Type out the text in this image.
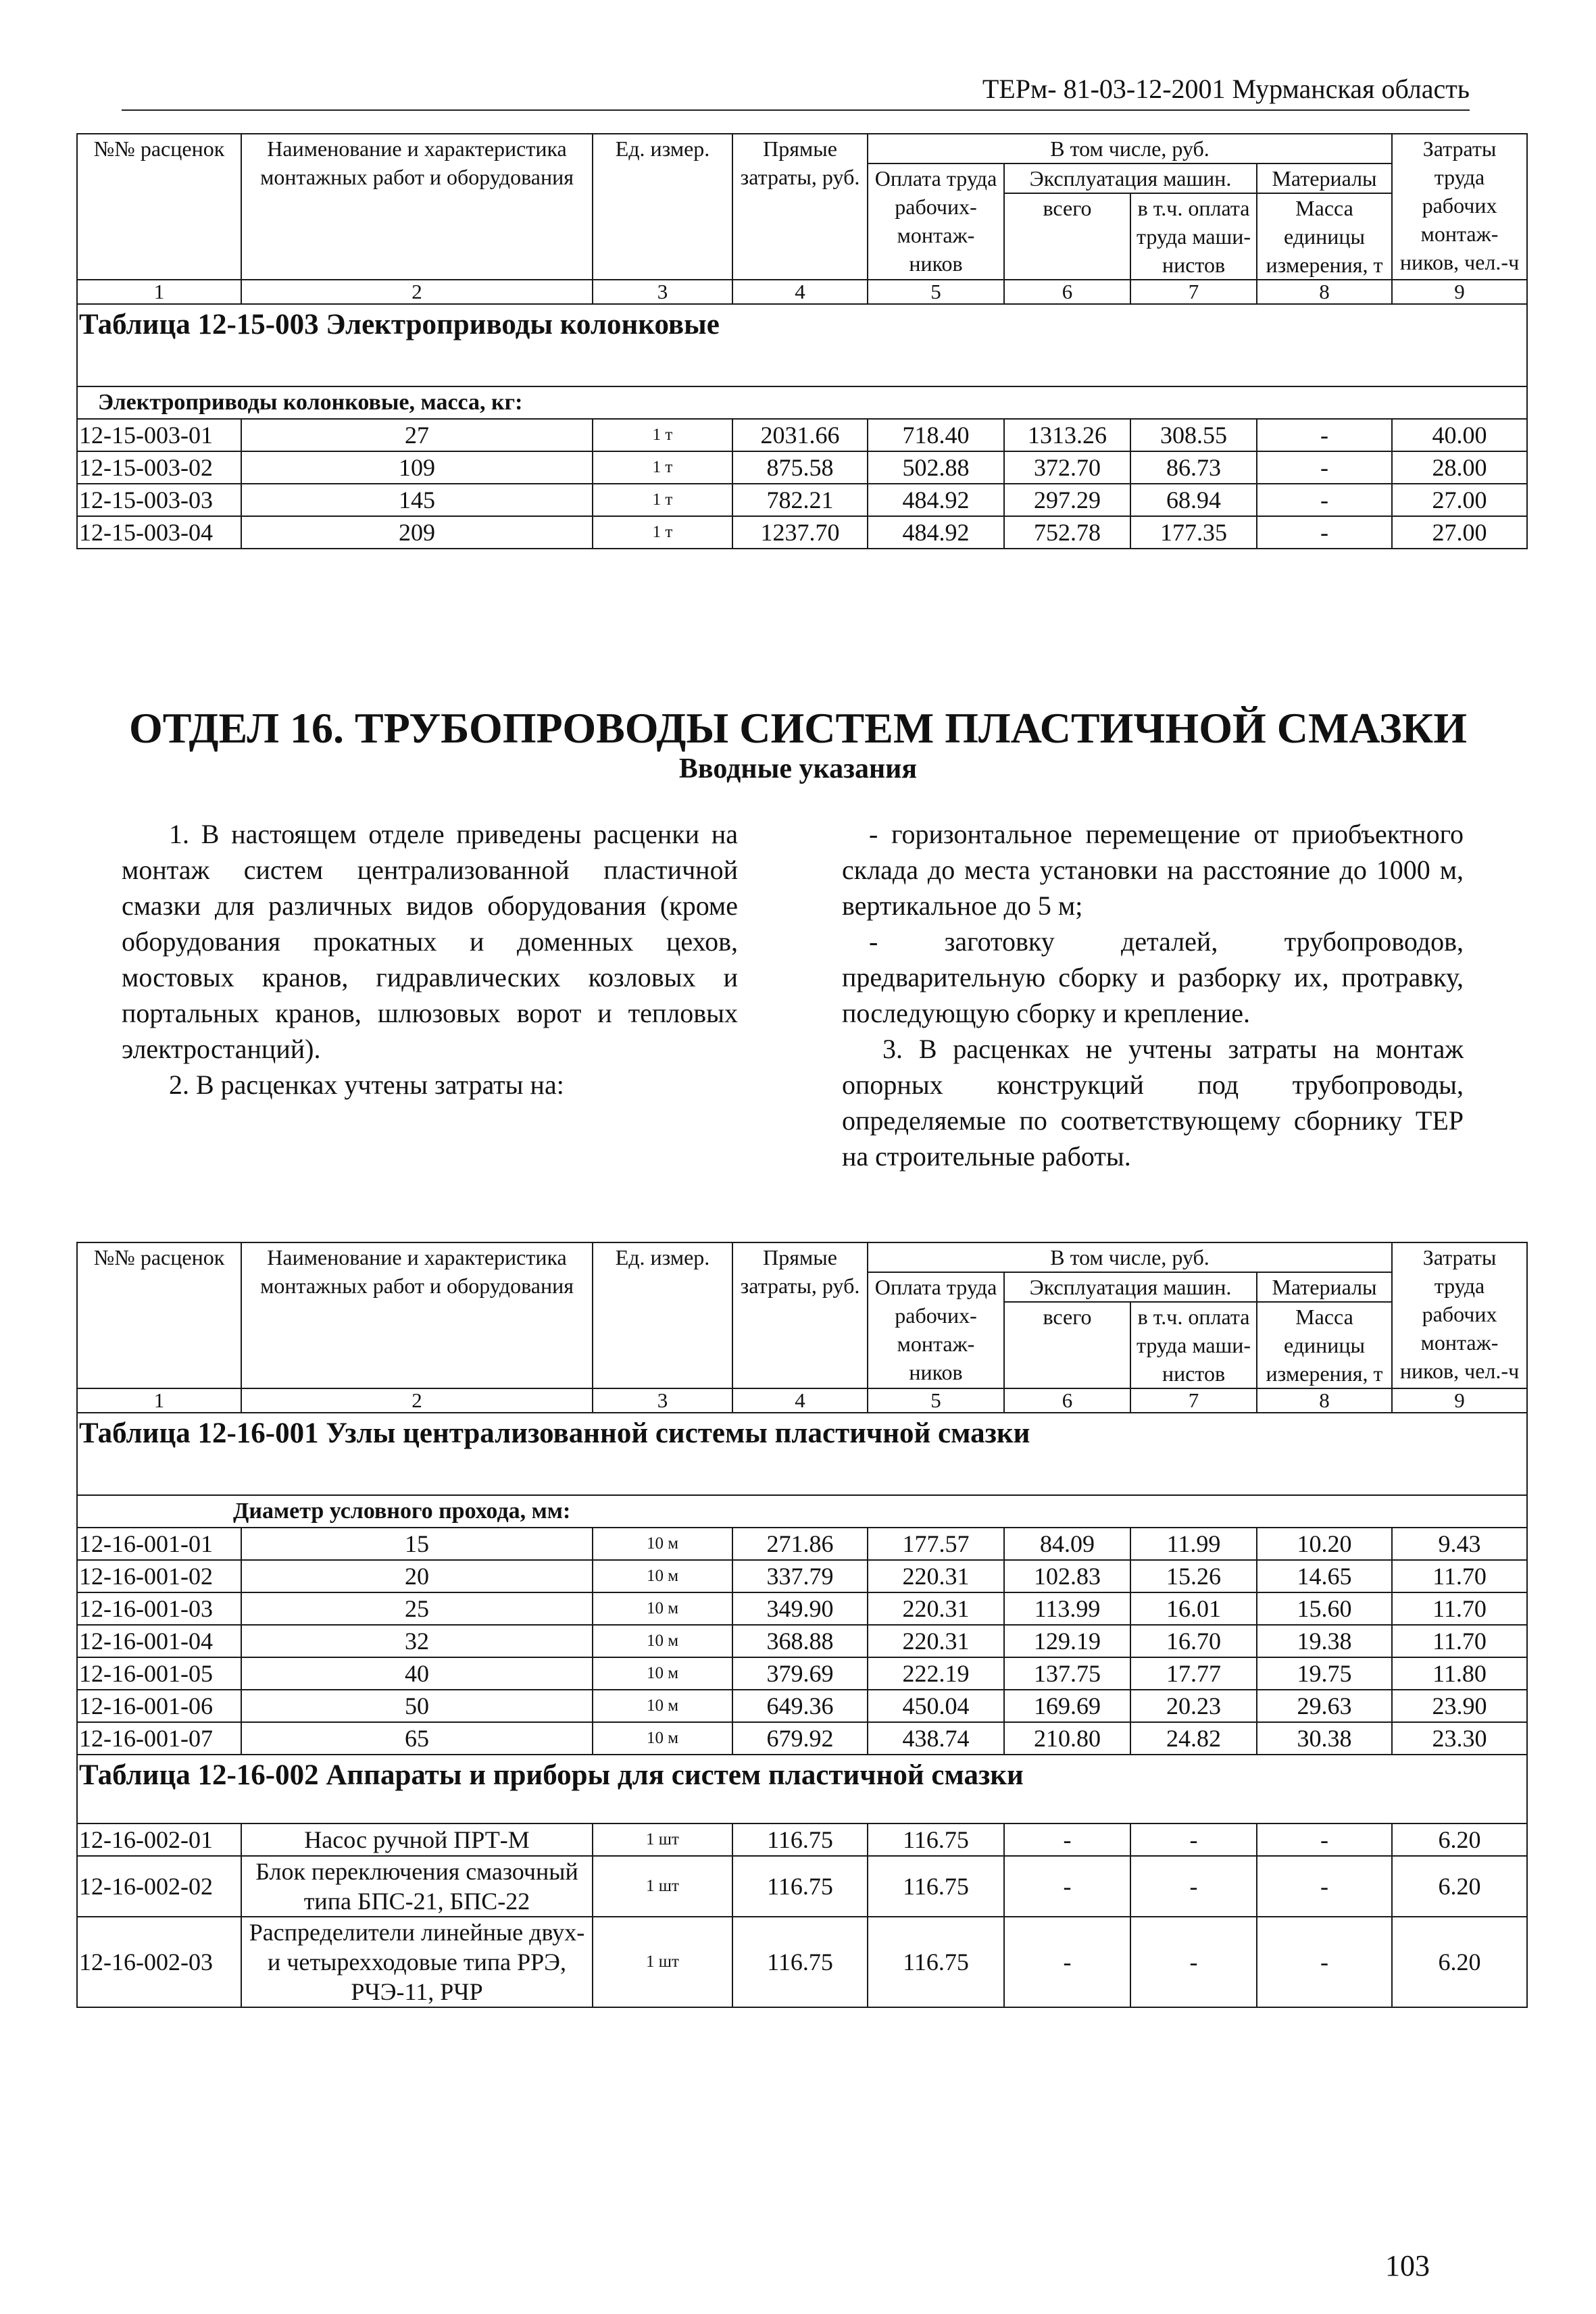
ТЕРм- 81-03-12-2001 Мурманская область
№№ расценок	Наименование и характеристика монтажных работ и оборудования	Ед. измер.	Прямые затраты, руб.	В том числе, руб.				Затраты труда рабочих монтаж-ников, чел.-ч
				Оплата труда рабочих-монтаж-ников	Эксплуатация машин.		Материалы	
					всего	в т.ч. оплата труда маши-нистов	Масса единицы измерения, т	
1	2	3	4	5	6	7	8	9
Таблица 12-15-003 Электроприводы колонковые								
Электроприводы колонковые, масса, кг:								
12-15-003-01	27	1 т	2031.66	718.40	1313.26	308.55	-	40.00
12-15-003-02	109	1 т	875.58	502.88	372.70	86.73	-	28.00
12-15-003-03	145	1 т	782.21	484.92	297.29	68.94	-	27.00
12-15-003-04	209	1 т	1237.70	484.92	752.78	177.35	-	27.00
ОТДЕЛ 16. ТРУБОПРОВОДЫ СИСТЕМ ПЛАСТИЧНОЙ СМАЗКИ
Вводные указания

1. В настоящем отделе приведены расценки на монтаж систем централизованной пластичной смазки для различных видов оборудования (кроме оборудования прокатных и доменных цехов, мостовых кранов, гидравлических козловых и портальных кранов, шлюзовых ворот и тепловых электростанций).

2. В расценках учтены затраты на:

- горизонтальное перемещение от приобъектного склада до места установки на расстояние до 1000 м, вертикальное до 5 м;

- заготовку деталей, трубопроводов, предварительную сборку и разборку их, протравку, последующую сборку и крепление.

3. В расценках не учтены затраты на монтаж опорных конструкций под трубопроводы, определяемые по соответствующему сборнику ТЕР на строительные работы.

№№ расценок	Наименование и характеристика монтажных работ и оборудования	Ед. измер.	Прямые затраты, руб.	В том числе, руб.				Затраты труда рабочих монтаж-ников, чел.-ч
				Оплата труда рабочих-монтаж-ников	Эксплуатация машин.		Материалы	
					всего	в т.ч. оплата труда маши-нистов	Масса единицы измерения, т	
1	2	3	4	5	6	7	8	9
Таблица 12-16-001 Узлы централизованной системы пластичной смазки								
Диаметр условного прохода, мм:								
12-16-001-01	15	10 м	271.86	177.57	84.09	11.99	10.20	9.43
12-16-001-02	20	10 м	337.79	220.31	102.83	15.26	14.65	11.70
12-16-001-03	25	10 м	349.90	220.31	113.99	16.01	15.60	11.70
12-16-001-04	32	10 м	368.88	220.31	129.19	16.70	19.38	11.70
12-16-001-05	40	10 м	379.69	222.19	137.75	17.77	19.75	11.80
12-16-001-06	50	10 м	649.36	450.04	169.69	20.23	29.63	23.90
12-16-001-07	65	10 м	679.92	438.74	210.80	24.82	30.38	23.30
Таблица 12-16-002 Аппараты и приборы для систем пластичной смазки								
12-16-002-01	Насос ручной ПРТ-М	1 шт	116.75	116.75	-	-	-	6.20
12-16-002-02	Блок переключения смазочный типа БПС-21, БПС-22	1 шт	116.75	116.75	-	-	-	6.20
12-16-002-03	Распределители линейные двух- и четырехходовые типа РРЭ, РЧЭ-11, РЧР	1 шт	116.75	116.75	-	-	-	6.20
103
